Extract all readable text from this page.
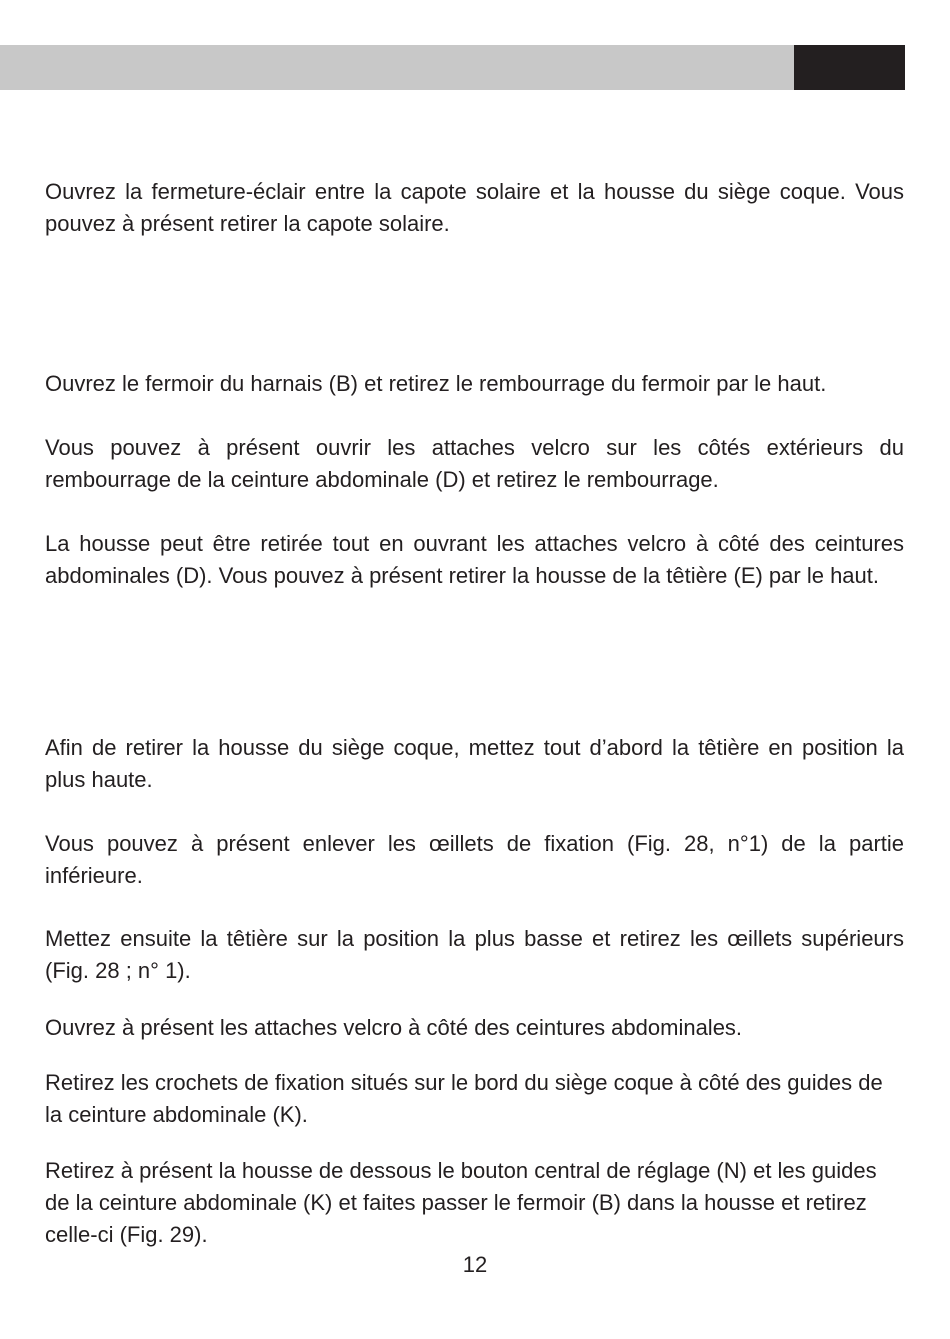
Ouvrez la fermeture-éclair entre la capote solaire et la housse du siège coque. Vous pouvez à présent retirer la capote solaire.

Ouvrez le fermoir du harnais (B) et retirez le rembourrage du fermoir par le haut.

Vous pouvez à présent ouvrir les attaches velcro sur les côtés extérieurs du rembourrage de la ceinture abdominale (D) et retirez le rembourrage.

La housse peut être retirée tout en ouvrant les attaches velcro à côté des ceintures abdominales (D). Vous pouvez à présent retirer la housse de la têtière (E) par le haut.

Afin de retirer la housse du siège coque, mettez tout d’abord la têtière en position la plus haute.

Vous pouvez à présent enlever les œillets de fixation (Fig. 28, n°1) de la partie inférieure.

Mettez ensuite la têtière sur la position la plus basse et retirez les œillets supérieurs (Fig. 28 ; n° 1).

Ouvrez à présent les attaches velcro à côté des ceintures abdominales.

Retirez les crochets de fixation situés sur le bord du siège coque à côté des guides de la ceinture abdominale (K).

Retirez à présent la housse de dessous le bouton central de réglage (N) et les guides de la ceinture abdominale (K) et faites passer le fermoir (B) dans la housse et retirez celle-ci (Fig. 29).

12
